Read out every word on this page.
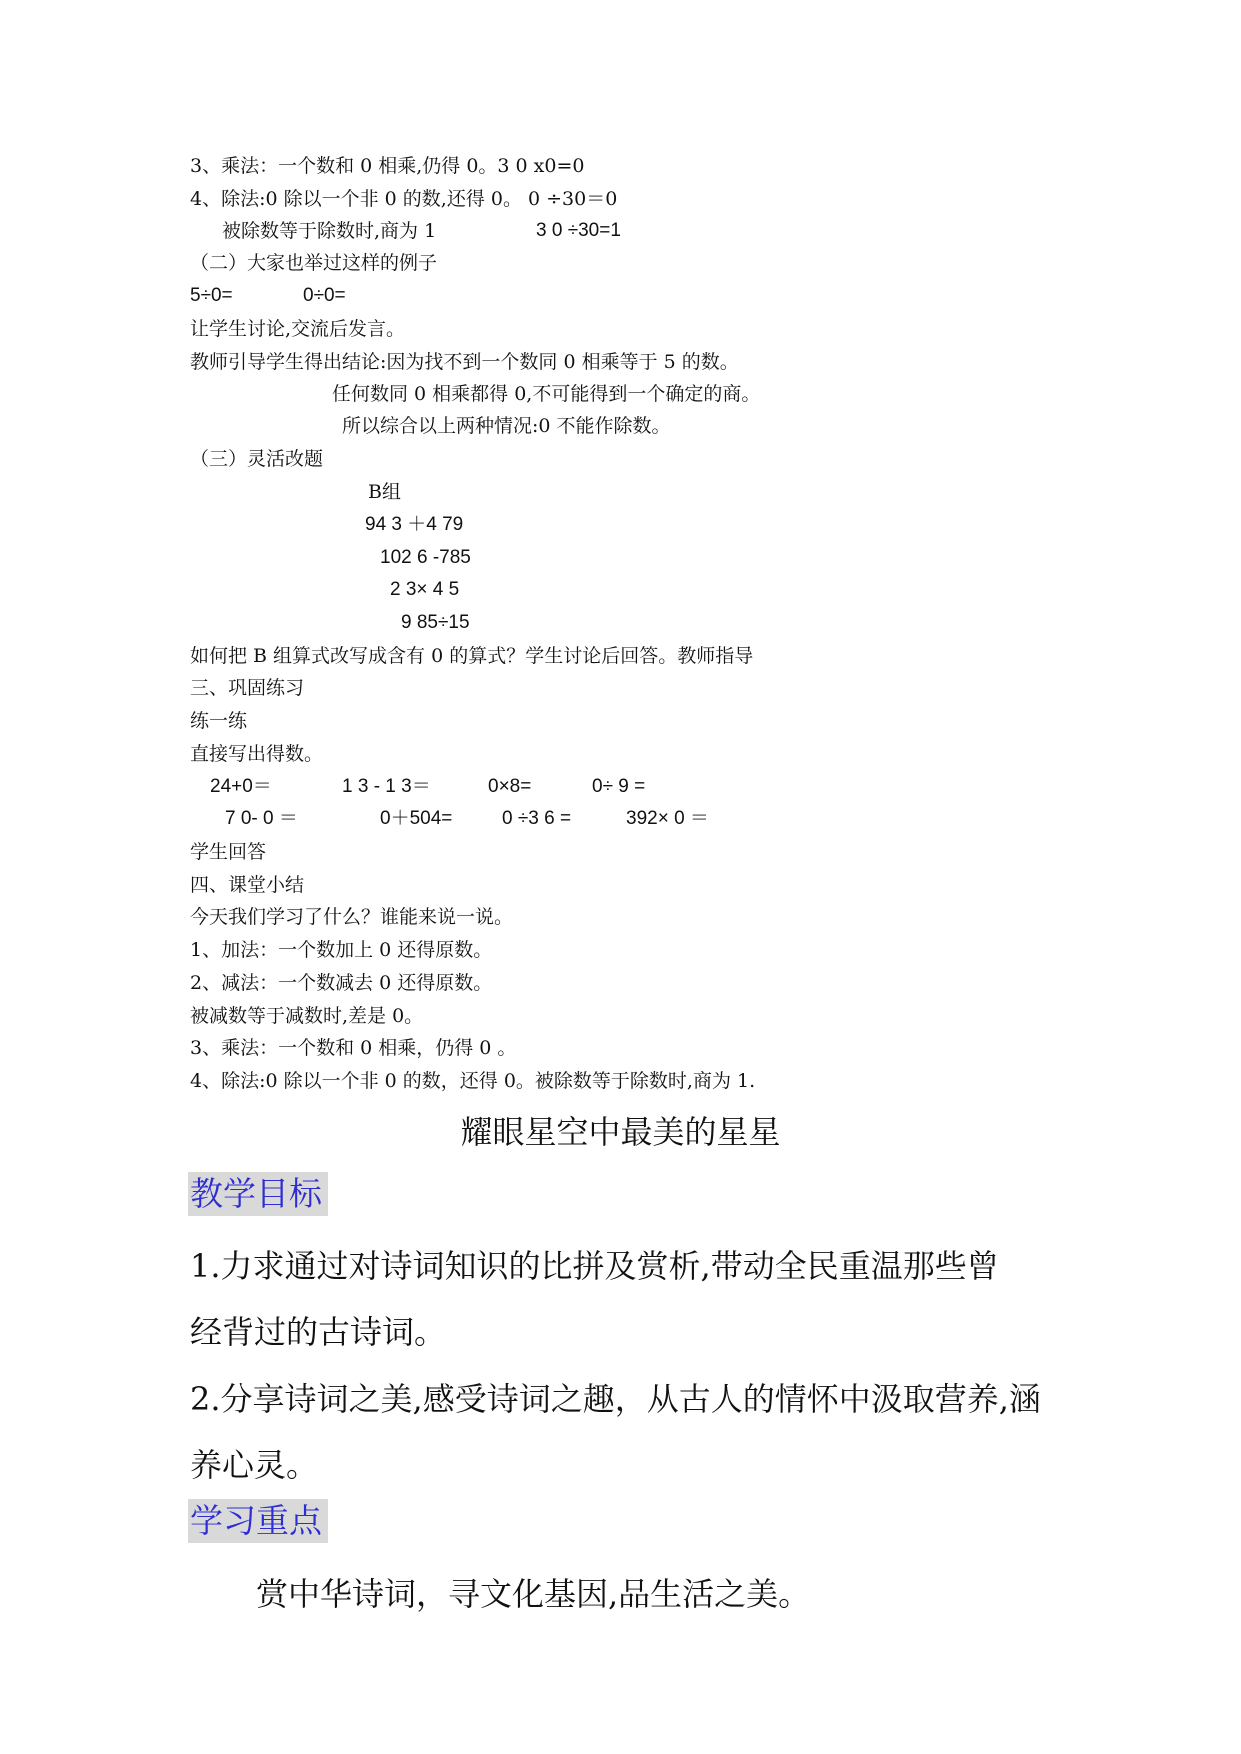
3、乘法：一个数和 0 相乘,仍得 0。3 0 x0=0
4、除法:0 除以一个非 0 的数,还得 0。 0 ÷30＝0
被除数等于除数时,商为 1	3 0 ÷30=1
（二）大家也举过这样的例子
5÷0=	0÷0=
让学生讨论,交流后发言。
教师引导学生得出结论:因为找不到一个数同 0 相乘等于 5 的数。
任何数同 0 相乘都得 0,不可能得到一个确定的商。
所以综合以上两种情况:0 不能作除数。
（三）灵活改题
B组
94 3 ＋4 79
102 6 -785
2 3× 4 5
9 85÷15
如何把 B 组算式改写成含有 0 的算式？学生讨论后回答。教师指导
三、巩固练习
练一练
直接写出得数。
24+0＝	1 3 - 1 3＝	0×8=	0÷ 9 =
7 0- 0 ＝	0＋504=	0 ÷3 6 =	392× 0 ＝
学生回答
四、课堂小结
今天我们学习了什么？谁能来说一说。
1、加法：一个数加上 0 还得原数。
2、减法：一个数减去 0 还得原数。
被减数等于减数时,差是 0。
3、乘法：一个数和 0 相乘，仍得 0 。
4、除法:0 除以一个非 0 的数，还得 0。被除数等于除数时,商为 1.
耀眼星空中最美的星星
教学目标
1.力求通过对诗词知识的比拼及赏析,带动全民重温那些曾
经背过的古诗词。
2.分享诗词之美,感受诗词之趣，从古人的情怀中汲取营养,涵
养心灵。
学习重点
赏中华诗词，寻文化基因,品生活之美。
